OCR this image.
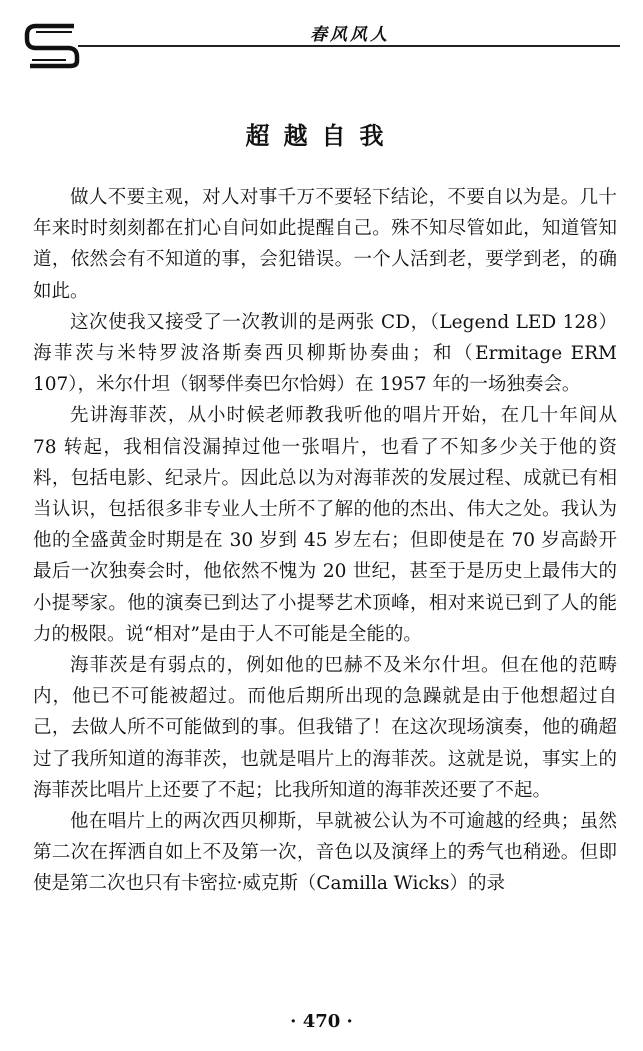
春风风人
超越自我

做人不要主观，对人对事千万不要轻下结论，不要自以为是。几十年来时时刻刻都在扪心自问如此提醒自己。殊不知尽管如此，知道管知道，依然会有不知道的事，会犯错误。一个人活到老，要学到老，的确如此。

这次使我又接受了一次教训的是两张 CD，（Legend LED 128）海菲茨与米特罗波洛斯奏西贝柳斯协奏曲；和（Ermitage ERM 107），米尔什坦（钢琴伴奏巴尔恰姆）在 1957 年的一场独奏会。

先讲海菲茨，从小时候老师教我听他的唱片开始，在几十年间从 78 转起，我相信没漏掉过他一张唱片，也看了不知多少关于他的资料，包括电影、纪录片。因此总以为对海菲茨的发展过程、成就已有相当认识，包括很多非专业人士所不了解的他的杰出、伟大之处。我认为他的全盛黄金时期是在 30 岁到 45 岁左右；但即使是在 70 岁高龄开最后一次独奏会时，他依然不愧为 20 世纪，甚至于是历史上最伟大的小提琴家。他的演奏已到达了小提琴艺术顶峰，相对来说已到了人的能力的极限。说“相对”是由于人不可能是全能的。

海菲茨是有弱点的，例如他的巴赫不及米尔什坦。但在他的范畴内，他已不可能被超过。而他后期所出现的急躁就是由于他想超过自己，去做人所不可能做到的事。但我错了！在这次现场演奏，他的确超过了我所知道的海菲茨，也就是唱片上的海菲茨。这就是说，事实上的海菲茨比唱片上还要了不起；比我所知道的海菲茨还要了不起。

他在唱片上的两次西贝柳斯，早就被公认为不可逾越的经典；虽然第二次在挥洒自如上不及第一次，音色以及演绎上的秀气也稍逊。但即使是第二次也只有卡密拉·威克斯（Camilla Wicks）的录

· 470 ·
